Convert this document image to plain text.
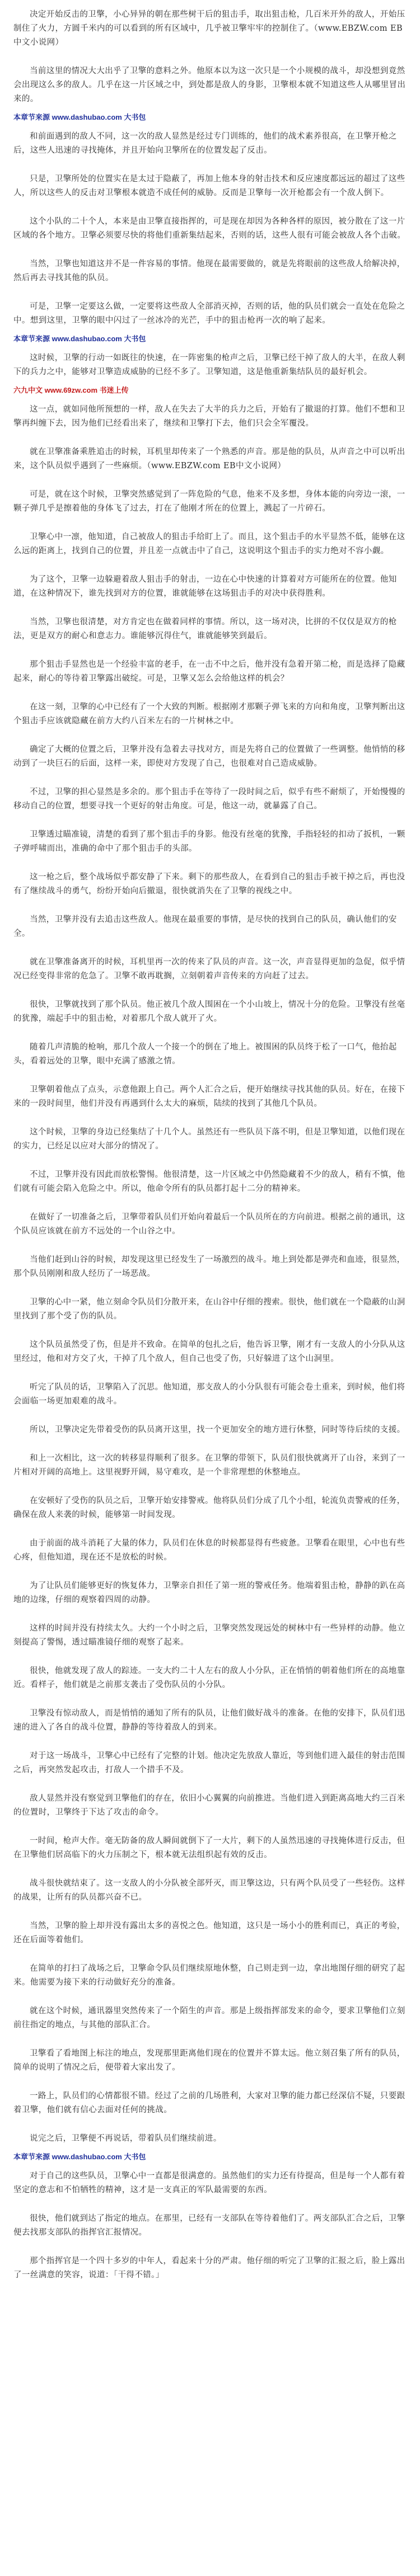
决定开始反击的卫擎，小心异异的朝在那些树干后的狙击手，取出狙击枪，几百米开外的敌人，开始压制住了火力，方圆千米内的可以看到的所有区域中，几乎被卫擎牢牢的控制住了。（www.EBZW.com EB中文小说网）

当前这里的情况大大出乎了卫擎的意料之外。他原本以为这一次只是一个小规模的战斗，却没想到竟然会出现这么多的敌人。几乎在这一片区域之中，到处都是敌人的身影，卫擎根本就不知道这些人从哪里冒出来的。

本章节来源 www.dashubao.com 大书包

和前面遇到的敌人不同，这一次的敌人显然是经过专门训练的，他们的战术素养很高，在卫擎开枪之后，这些人迅速的寻找掩体，并且开始向卫擎所在的位置发起了反击。

只是，卫擎所处的位置实在是太过于隐蔽了，再加上他本身的射击技术和反应速度都远远的超过了这些人，所以这些人的反击对卫擎根本就造不成任何的威胁。反而是卫擎每一次开枪都会有一个敌人倒下。

这个小队的二十个人，本来是由卫擎直接指挥的，可是现在却因为各种各样的原因，被分散在了这一片区域的各个地方。卫擎必须要尽快的将他们重新集结起来，否则的话，这些人很有可能会被敌人各个击破。

当然，卫擎也知道这并不是一件容易的事情。他现在最需要做的，就是先将眼前的这些敌人给解决掉，然后再去寻找其他的队员。

可是，卫擎一定要这么做，一定要将这些敌人全部消灭掉，否则的话，他的队员们就会一直处在危险之中。想到这里，卫擎的眼中闪过了一丝冰冷的光芒，手中的狙击枪再一次的响了起来。

本章节来源 www.dashubao.com 大书包

这时候，卫擎的行动一如既往的快速，在一阵密集的枪声之后，卫擎已经干掉了敌人的大半，在敌人剩下的兵力之中，能够对卫擎造成威胁的已经不多了。卫擎知道，这是他重新集结队员的最好机会。

六九中文 www.69zw.com 书迷上传

这一点，就如同他所预想的一样，敌人在失去了大半的兵力之后，开始有了撤退的打算。他们不想和卫擎再纠缠下去，因为他们已经看出来了，继续和卫擎打下去，他们只会全军覆没。

就在卫擎准备乘胜追击的时候，耳机里却传来了一个熟悉的声音。那是他的队员，从声音之中可以听出来，这个队员似乎遇到了一些麻烦。（www.EBZW.com EB中文小说网）

可是，就在这个时候，卫擎突然感觉到了一阵危险的气息，他来不及多想，身体本能的向旁边一滚，一颗子弹几乎是擦着他的身体飞了过去，打在了他刚才所在的位置上，溅起了一片碎石。

卫擎心中一凛，他知道，自己被敌人的狙击手给盯上了。而且，这个狙击手的水平显然不低，能够在这么远的距离上，找到自己的位置，并且差一点就击中了自己，这说明这个狙击手的实力绝对不容小觑。

为了这个，卫擎一边躲避着敌人狙击手的射击，一边在心中快速的计算着对方可能所在的位置。他知道，在这种情况下，谁先找到对方的位置，谁就能够在这场狙击手的对决中获得胜利。

当然，卫擎也很清楚，对方肯定也在做着同样的事情。所以，这一场对决，比拼的不仅仅是双方的枪法，更是双方的耐心和意志力。谁能够沉得住气，谁就能够笑到最后。

那个狙击手显然也是一个经验丰富的老手，在一击不中之后，他并没有急着开第二枪，而是选择了隐藏起来，耐心的等待着卫擎露出破绽。可是，卫擎又怎么会给他这样的机会？

在这一刻，卫擎的心中已经有了一个大致的判断。根据刚才那颗子弹飞来的方向和角度，卫擎判断出这个狙击手应该就隐藏在前方大约八百米左右的一片树林之中。

确定了大概的位置之后，卫擎并没有急着去寻找对方，而是先将自己的位置做了一些调整。他悄悄的移动到了一块巨石的后面，这样一来，即使对方发现了自己，也很难对自己造成威胁。

不过，卫擎的担心显然是多余的。那个狙击手在等待了一段时间之后，似乎有些不耐烦了，开始慢慢的移动自己的位置，想要寻找一个更好的射击角度。可是，他这一动，就暴露了自己。

卫擎透过瞄准镜，清楚的看到了那个狙击手的身影。他没有丝毫的犹豫，手指轻轻的扣动了扳机，一颗子弹呼啸而出，准确的命中了那个狙击手的头部。

这一枪之后，整个战场似乎都安静了下来。剩下的那些敌人，在看到自己的狙击手被干掉之后，再也没有了继续战斗的勇气，纷纷开始向后撤退，很快就消失在了卫擎的视线之中。

当然，卫擎并没有去追击这些敌人。他现在最重要的事情，是尽快的找到自己的队员，确认他们的安全。

就在卫擎准备离开的时候，耳机里再一次的传来了队员的声音。这一次，声音显得更加的急促，似乎情况已经变得非常的危急了。卫擎不敢再耽搁，立刻朝着声音传来的方向赶了过去。

很快，卫擎就找到了那个队员。他正被几个敌人围困在一个小山坡上，情况十分的危险。卫擎没有丝毫的犹豫，端起手中的狙击枪，对着那几个敌人就开了火。

随着几声清脆的枪响，那几个敌人一个接一个的倒在了地上。被围困的队员终于松了一口气，他抬起头，看着远处的卫擎，眼中充满了感激之情。

卫擎朝着他点了点头，示意他跟上自己。两个人汇合之后，便开始继续寻找其他的队员。好在，在接下来的一段时间里，他们并没有再遇到什么太大的麻烦，陆续的找到了其他几个队员。

这个时候，卫擎的身边已经集结了十几个人。虽然还有一些队员下落不明，但是卫擎知道，以他们现在的实力，已经足以应对大部分的情况了。

不过，卫擎并没有因此而放松警惕。他很清楚，这一片区域之中仍然隐藏着不少的敌人，稍有不慎，他们就有可能会陷入危险之中。所以，他命令所有的队员都打起十二分的精神来。

在做好了一切准备之后，卫擎带着队员们开始向着最后一个队员所在的方向前进。根据之前的通讯，这个队员应该就在前方不远处的一个山谷之中。

当他们赶到山谷的时候，却发现这里已经发生了一场激烈的战斗。地上到处都是弹壳和血迹，很显然，那个队员刚刚和敌人经历了一场恶战。

卫擎的心中一紧，他立刻命令队员们分散开来，在山谷中仔细的搜索。很快，他们就在一个隐蔽的山洞里找到了那个受了伤的队员。

这个队员虽然受了伤，但是并不致命。在简单的包扎之后，他告诉卫擎，刚才有一支敌人的小分队从这里经过，他和对方交了火，干掉了几个敌人，但自己也受了伤，只好躲进了这个山洞里。

听完了队员的话，卫擎陷入了沉思。他知道，那支敌人的小分队很有可能会卷土重来，到时候，他们将会面临一场更加艰难的战斗。

所以，卫擎决定先带着受伤的队员离开这里，找一个更加安全的地方进行休整，同时等待后续的支援。

和上一次相比，这一次的转移显得顺利了很多。在卫擎的带领下，队员们很快就离开了山谷，来到了一片相对开阔的高地上。这里视野开阔，易守难攻，是一个非常理想的休整地点。

在安顿好了受伤的队员之后，卫擎开始安排警戒。他将队员们分成了几个小组，轮流负责警戒的任务，确保在敌人来袭的时候，能够第一时间发现。

由于前面的战斗消耗了大量的体力，队员们在休息的时候都显得有些疲惫。卫擎看在眼里，心中也有些心疼，但他知道，现在还不是放松的时候。

为了让队员们能够更好的恢复体力，卫擎亲自担任了第一班的警戒任务。他端着狙击枪，静静的趴在高地的边缘，仔细的观察着四周的动静。

这样的时间并没有持续太久。大约一个小时之后，卫擎突然发现远处的树林中有一些异样的动静。他立刻提高了警惕，透过瞄准镜仔细的观察了起来。

很快，他就发现了敌人的踪迹。一支大约二十人左右的敌人小分队，正在悄悄的朝着他们所在的高地靠近。看样子，他们就是之前那支袭击了受伤队员的小分队。

卫擎没有惊动敌人，而是悄悄的通知了所有的队员，让他们做好战斗的准备。在他的安排下，队员们迅速的进入了各自的战斗位置，静静的等待着敌人的到来。

对于这一场战斗，卫擎心中已经有了完整的计划。他决定先放敌人靠近，等到他们进入最佳的射击范围之后，再突然发起攻击，打敌人一个措手不及。

敌人显然并没有察觉到卫擎他们的存在，依旧小心翼翼的向前推进。当他们进入到距离高地大约三百米的位置时，卫擎终于下达了攻击的命令。

一时间，枪声大作。毫无防备的敌人瞬间就倒下了一大片，剩下的人虽然迅速的寻找掩体进行反击，但在卫擎他们居高临下的火力压制之下，根本就无法组织起有效的反击。

战斗很快就结束了。这一支敌人的小分队被全部歼灭，而卫擎这边，只有两个队员受了一些轻伤。这样的战果，让所有的队员都兴奋不已。

当然，卫擎的脸上却并没有露出太多的喜悦之色。他知道，这只是一场小小的胜利而已，真正的考验，还在后面等着他们。

在简单的打扫了战场之后，卫擎命令队员们继续原地休整，自己则走到一边，拿出地图仔细的研究了起来。他需要为接下来的行动做好充分的准备。

就在这个时候，通讯器里突然传来了一个陌生的声音。那是上级指挥部发来的命令，要求卫擎他们立刻前往指定的地点，与其他的部队汇合。

卫擎看了看地图上标注的地点，发现那里距离他们现在的位置并不算太远。他立刻召集了所有的队员，简单的说明了情况之后，便带着大家出发了。

一路上，队员们的心情都很不错。经过了之前的几场胜利，大家对卫擎的能力都已经深信不疑，只要跟着卫擎，他们就有信心去面对任何的挑战。

说完之后，卫擎便不再说话，带着队员们继续前进。

本章节来源 www.dashubao.com 大书包

对于自己的这些队员，卫擎心中一直都是很满意的。虽然他们的实力还有待提高，但是每一个人都有着坚定的意志和不怕牺牲的精神，这才是一支真正的军队最需要的东西。

很快，他们就到达了指定的地点。在那里，已经有一支部队在等待着他们了。两支部队汇合之后，卫擎便去找那支部队的指挥官汇报情况。

那个指挥官是一个四十多岁的中年人，看起来十分的严肃。他仔细的听完了卫擎的汇报之后，脸上露出了一丝满意的笑容，说道：「干得不错。」
